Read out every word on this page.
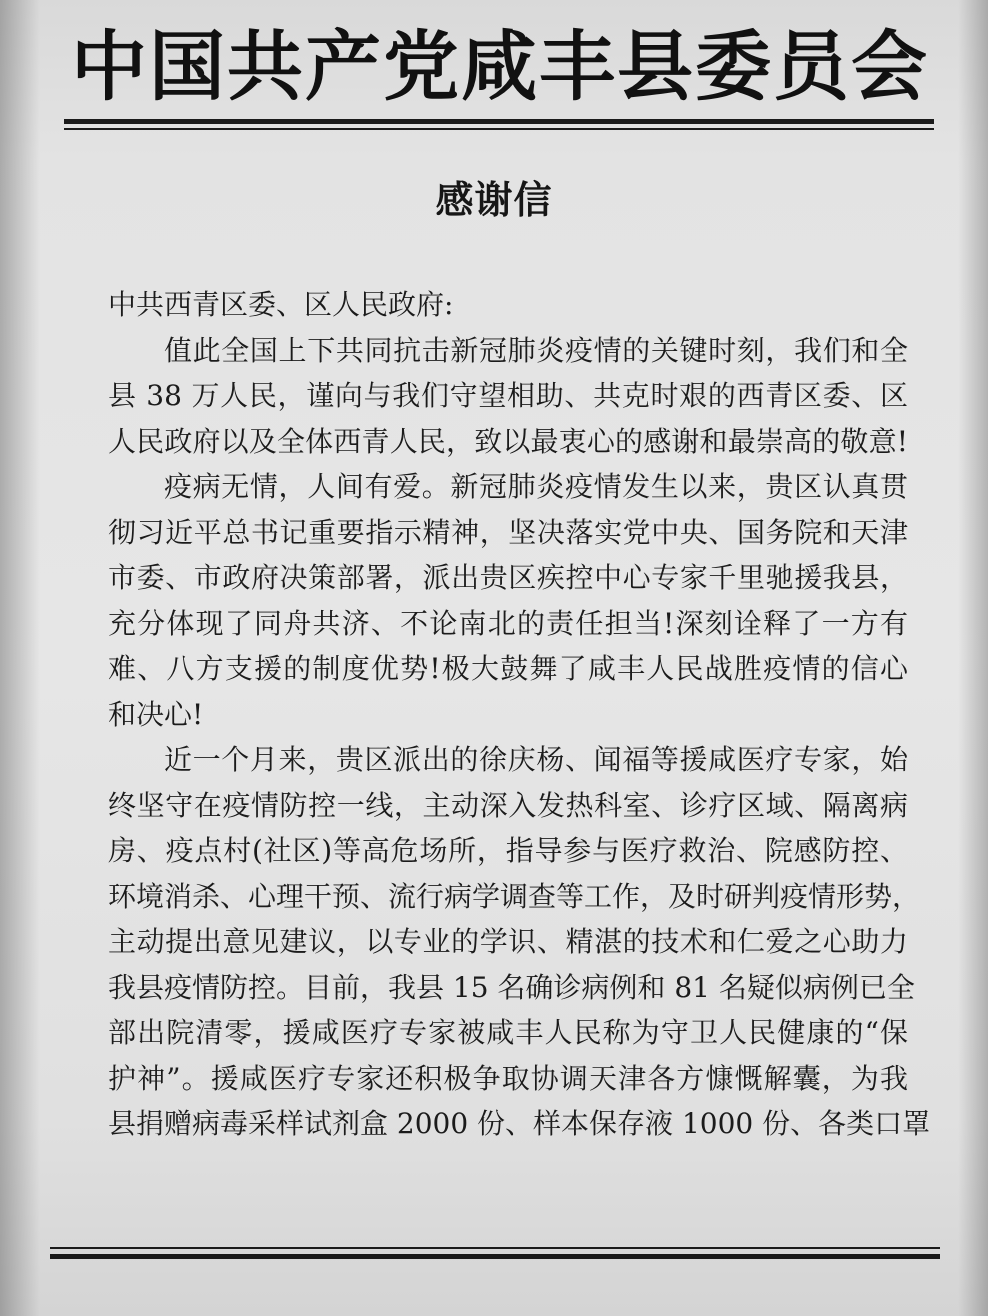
中国共产党咸丰县委员会
感谢信
中共西青区委、区人民政府:
值此全国上下共同抗击新冠肺炎疫情的关键时刻，我们和全
县 38 万人民，谨向与我们守望相助、共克时艰的西青区委、区
人民政府以及全体西青人民，致以最衷心的感谢和最崇高的敬意!
疫病无情，人间有爱。新冠肺炎疫情发生以来，贵区认真贯
彻习近平总书记重要指示精神，坚决落实党中央、国务院和天津
市委、市政府决策部署，派出贵区疾控中心专家千里驰援我县，
充分体现了同舟共济、不论南北的责任担当!深刻诠释了一方有
难、八方支援的制度优势!极大鼓舞了咸丰人民战胜疫情的信心
和决心!
近一个月来，贵区派出的徐庆杨、闻福等援咸医疗专家，始
终坚守在疫情防控一线，主动深入发热科室、诊疗区域、隔离病
房、疫点村(社区)等高危场所，指导参与医疗救治、院感防控、
环境消杀、心理干预、流行病学调查等工作，及时研判疫情形势，
主动提出意见建议，以专业的学识、精湛的技术和仁爱之心助力
我县疫情防控。目前，我县 15 名确诊病例和 81 名疑似病例已全
部出院清零，援咸医疗专家被咸丰人民称为守卫人民健康的“保
护神”。援咸医疗专家还积极争取协调天津各方慷慨解囊，为我
县捐赠病毒采样试剂盒 2000 份、样本保存液 1000 份、各类口罩
